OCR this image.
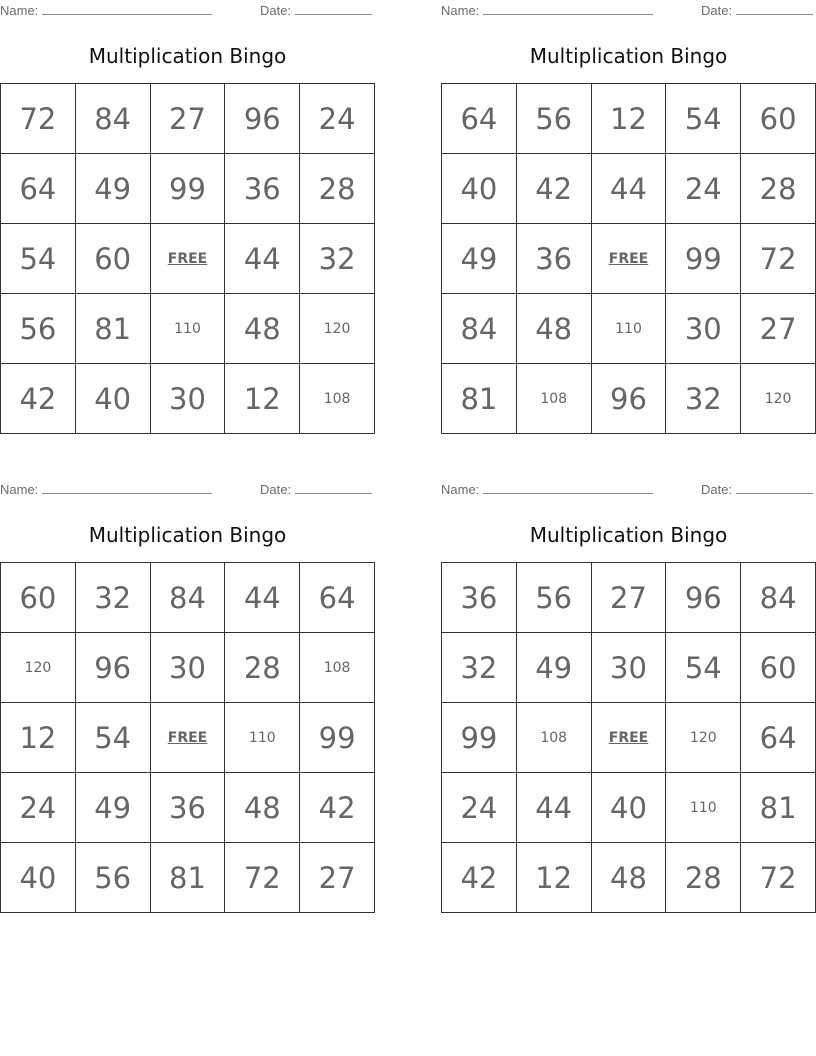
Name:	Date:
Multiplication Bingo
72	84	27	96	24
64	49	99	36	28
54	60	FREE	44	32
56	81	110	48	120
42	40	30	12	108
Name:	Date:
Multiplication Bingo
64	56	12	54	60
40	42	44	24	28
49	36	FREE	99	72
84	48	110	30	27
81	108	96	32	120
Name:	Date:
Multiplication Bingo
60	32	84	44	64
120	96	30	28	108
12	54	FREE	110	99
24	49	36	48	42
40	56	81	72	27
Name:	Date:
Multiplication Bingo
36	56	27	96	84
32	49	30	54	60
99	108	FREE	120	64
24	44	40	110	81
42	12	48	28	72
